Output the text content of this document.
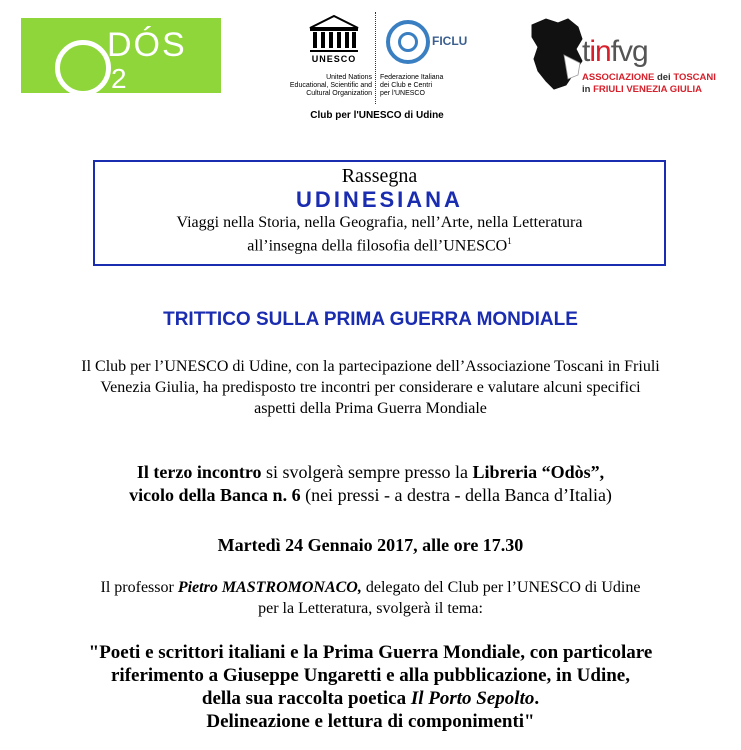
DÓS
2
UNESCO
FICLU
United Nations
Educational, Scientific and
Cultural Organization
Federazione Italiana
dei Club e Centri
per l'UNESCO
Club per l'UNESCO di Udine
tinfvg
ASSOCIAZIONE dei TOSCANI
in FRIULI VENEZIA GIULIA
Rassegna
UDINESIANA
Viaggi nella Storia, nella Geografia, nell’Arte, nella Letteratura
all’insegna della filosofia dell’UNESCO$^1$
TRITTICO SULLA PRIMA GUERRA MONDIALE
Il Club per l’UNESCO di Udine, con la partecipazione dell’Associazione Toscani in Friuli
Venezia Giulia, ha predisposto tre incontri per considerare e valutare alcuni specifici
aspetti della Prima Guerra Mondiale
Il terzo incontro si svolgerà sempre presso la Libreria “Odòs”,
vicolo della Banca n. 6 (nei pressi - a destra - della Banca d’Italia)
Martedì 24 Gennaio 2017, alle ore 17.30
Il professor Pietro MASTROMONACO, delegato del Club per l’UNESCO di Udine
per la Letteratura, svolgerà il tema:
"Poeti e scrittori italiani e la Prima Guerra Mondiale, con particolare
riferimento a Giuseppe Ungaretti e alla pubblicazione, in Udine,
della sua raccolta poetica Il Porto Sepolto.
Delineazione e lettura di componimenti"
